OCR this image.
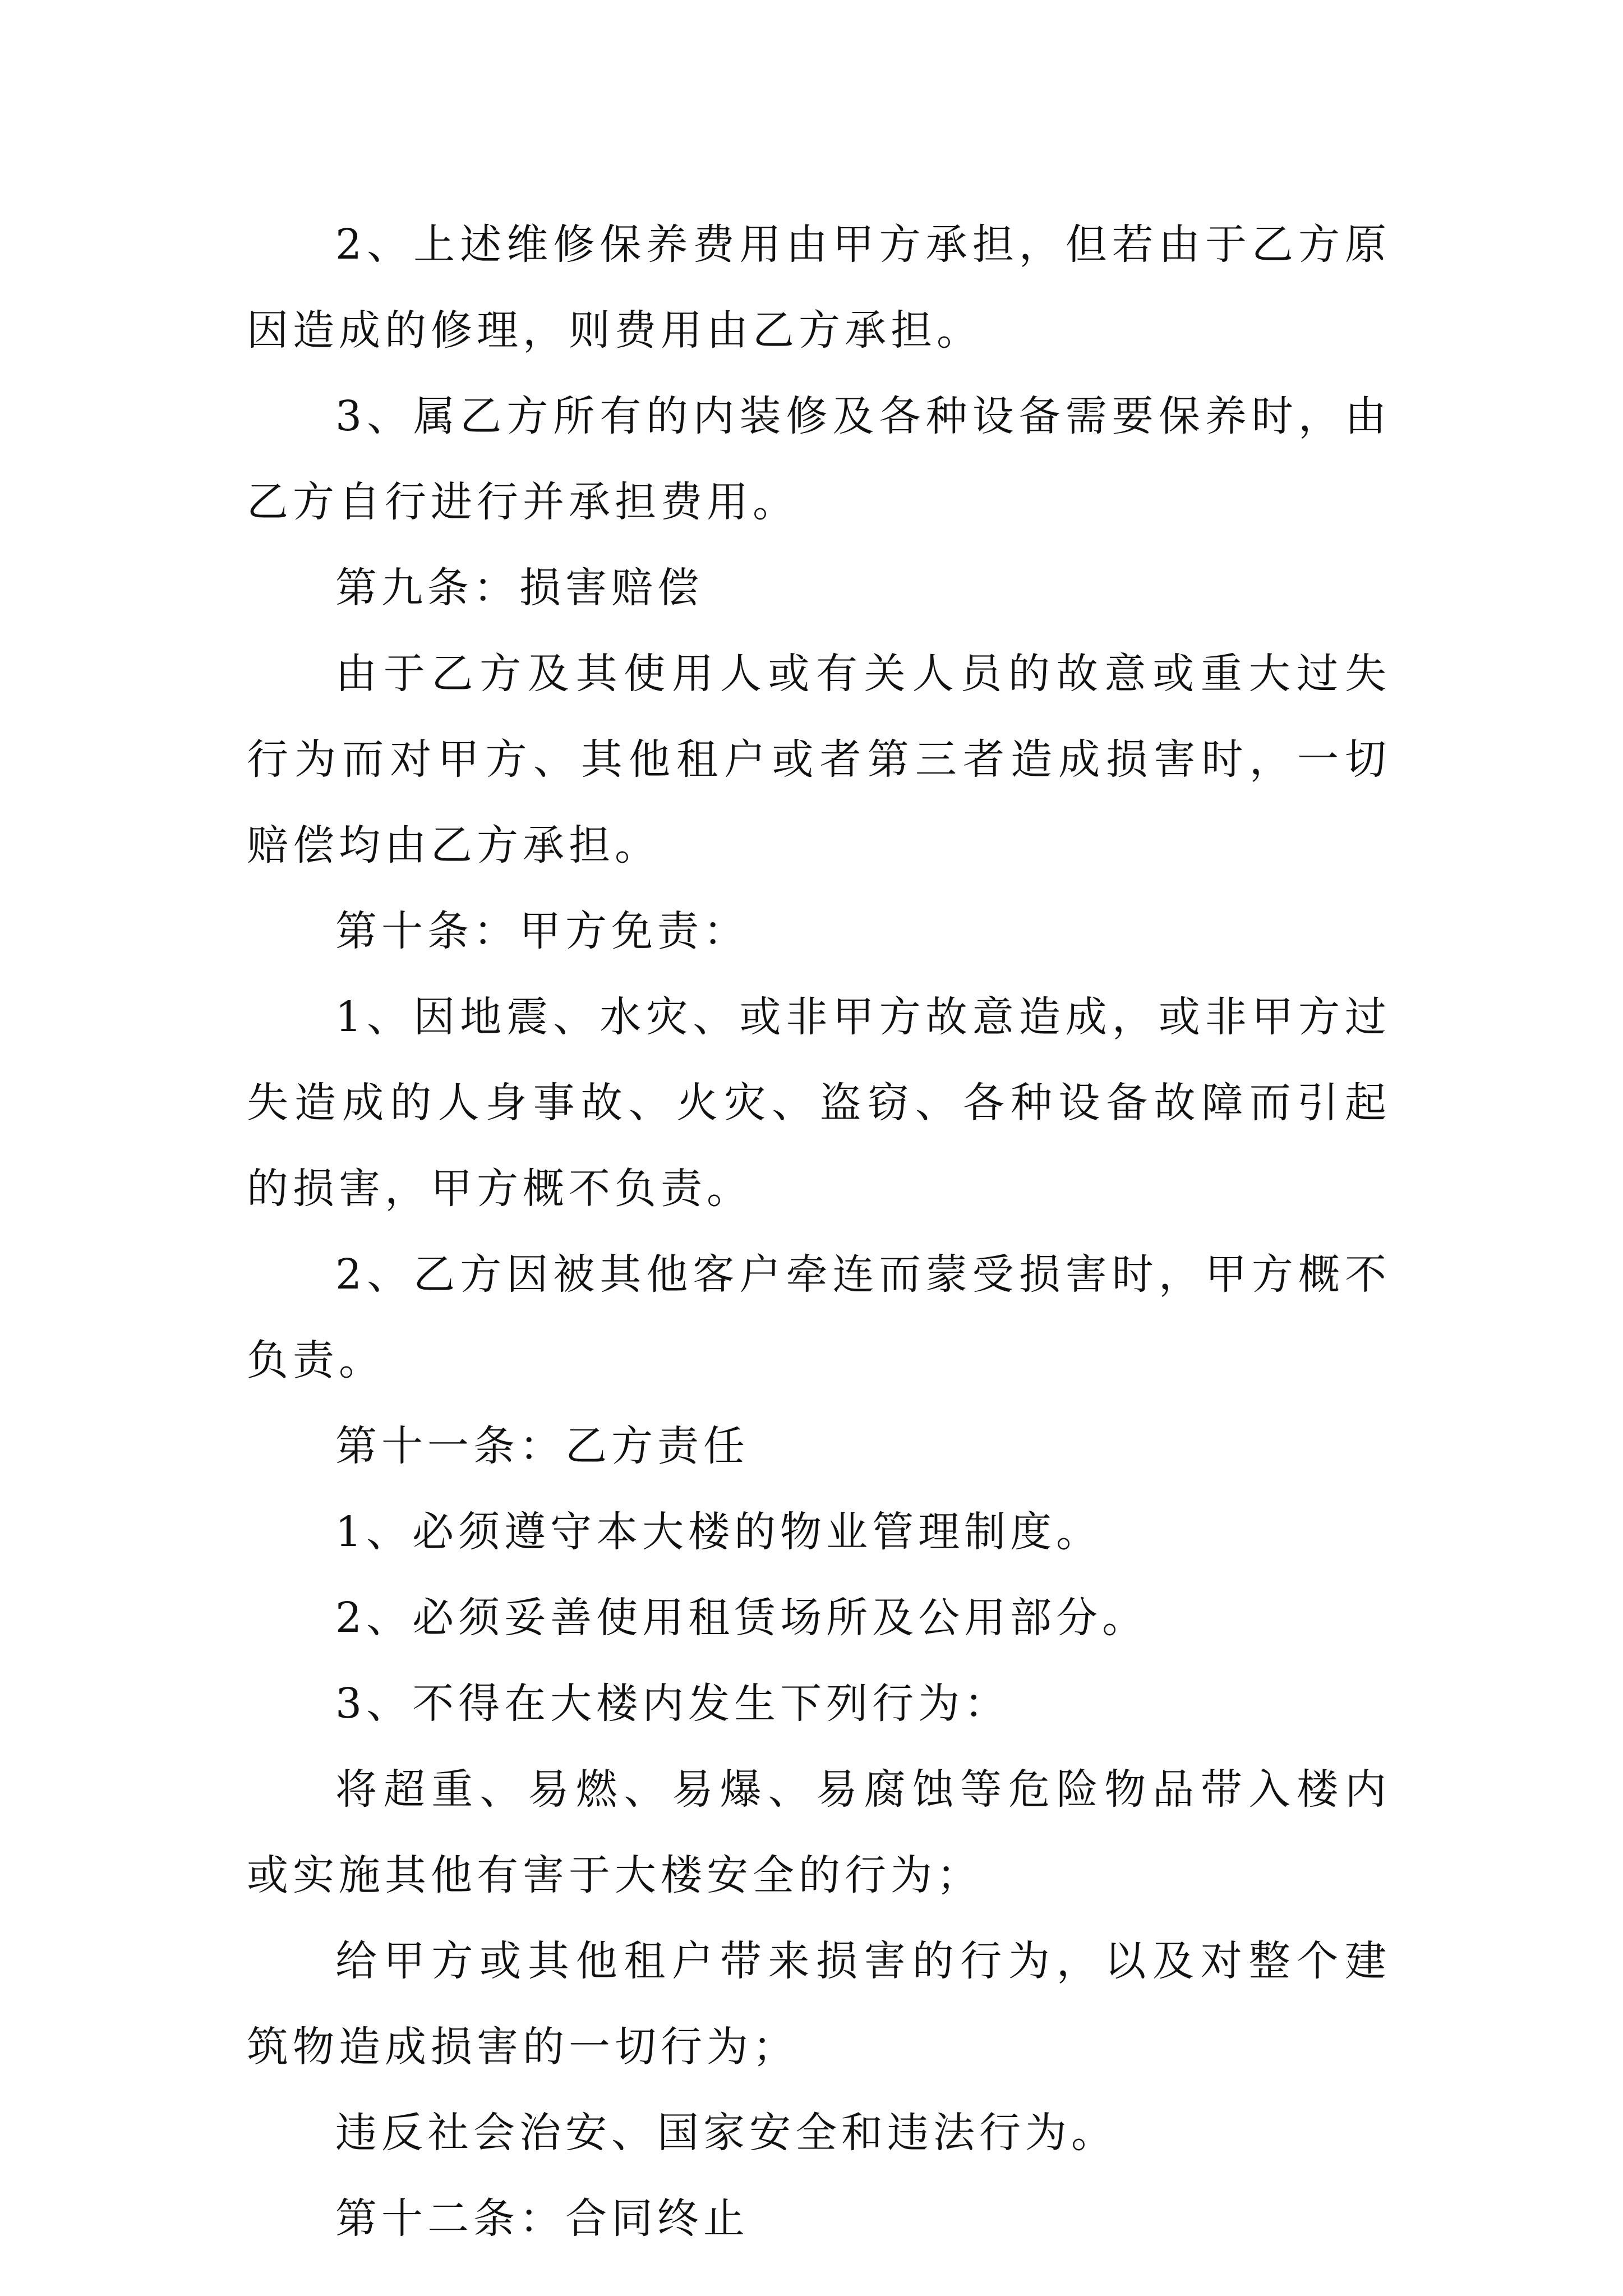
2、上述维修保养费用由甲方承担，但若由于乙方原因造成的修理，则费用由乙方承担。

3、属乙方所有的内装修及各种设备需要保养时，由乙方自行进行并承担费用。

第九条：损害赔偿

由于乙方及其使用人或有关人员的故意或重大过失行为而对甲方、其他租户或者第三者造成损害时，一切赔偿均由乙方承担。

第十条：甲方免责：

1、因地震、水灾、或非甲方故意造成，或非甲方过失造成的人身事故、火灾、盗窃、各种设备故障而引起的损害，甲方概不负责。

2、乙方因被其他客户牵连而蒙受损害时，甲方概不负责。

第十一条：乙方责任

1、必须遵守本大楼的物业管理制度。

2、必须妥善使用租赁场所及公用部分。

3、不得在大楼内发生下列行为：

将超重、易燃、易爆、易腐蚀等危险物品带入楼内或实施其他有害于大楼安全的行为；

给甲方或其他租户带来损害的行为，以及对整个建筑物造成损害的一切行为；

违反社会治安、国家安全和违法行为。

第十二条：合同终止
